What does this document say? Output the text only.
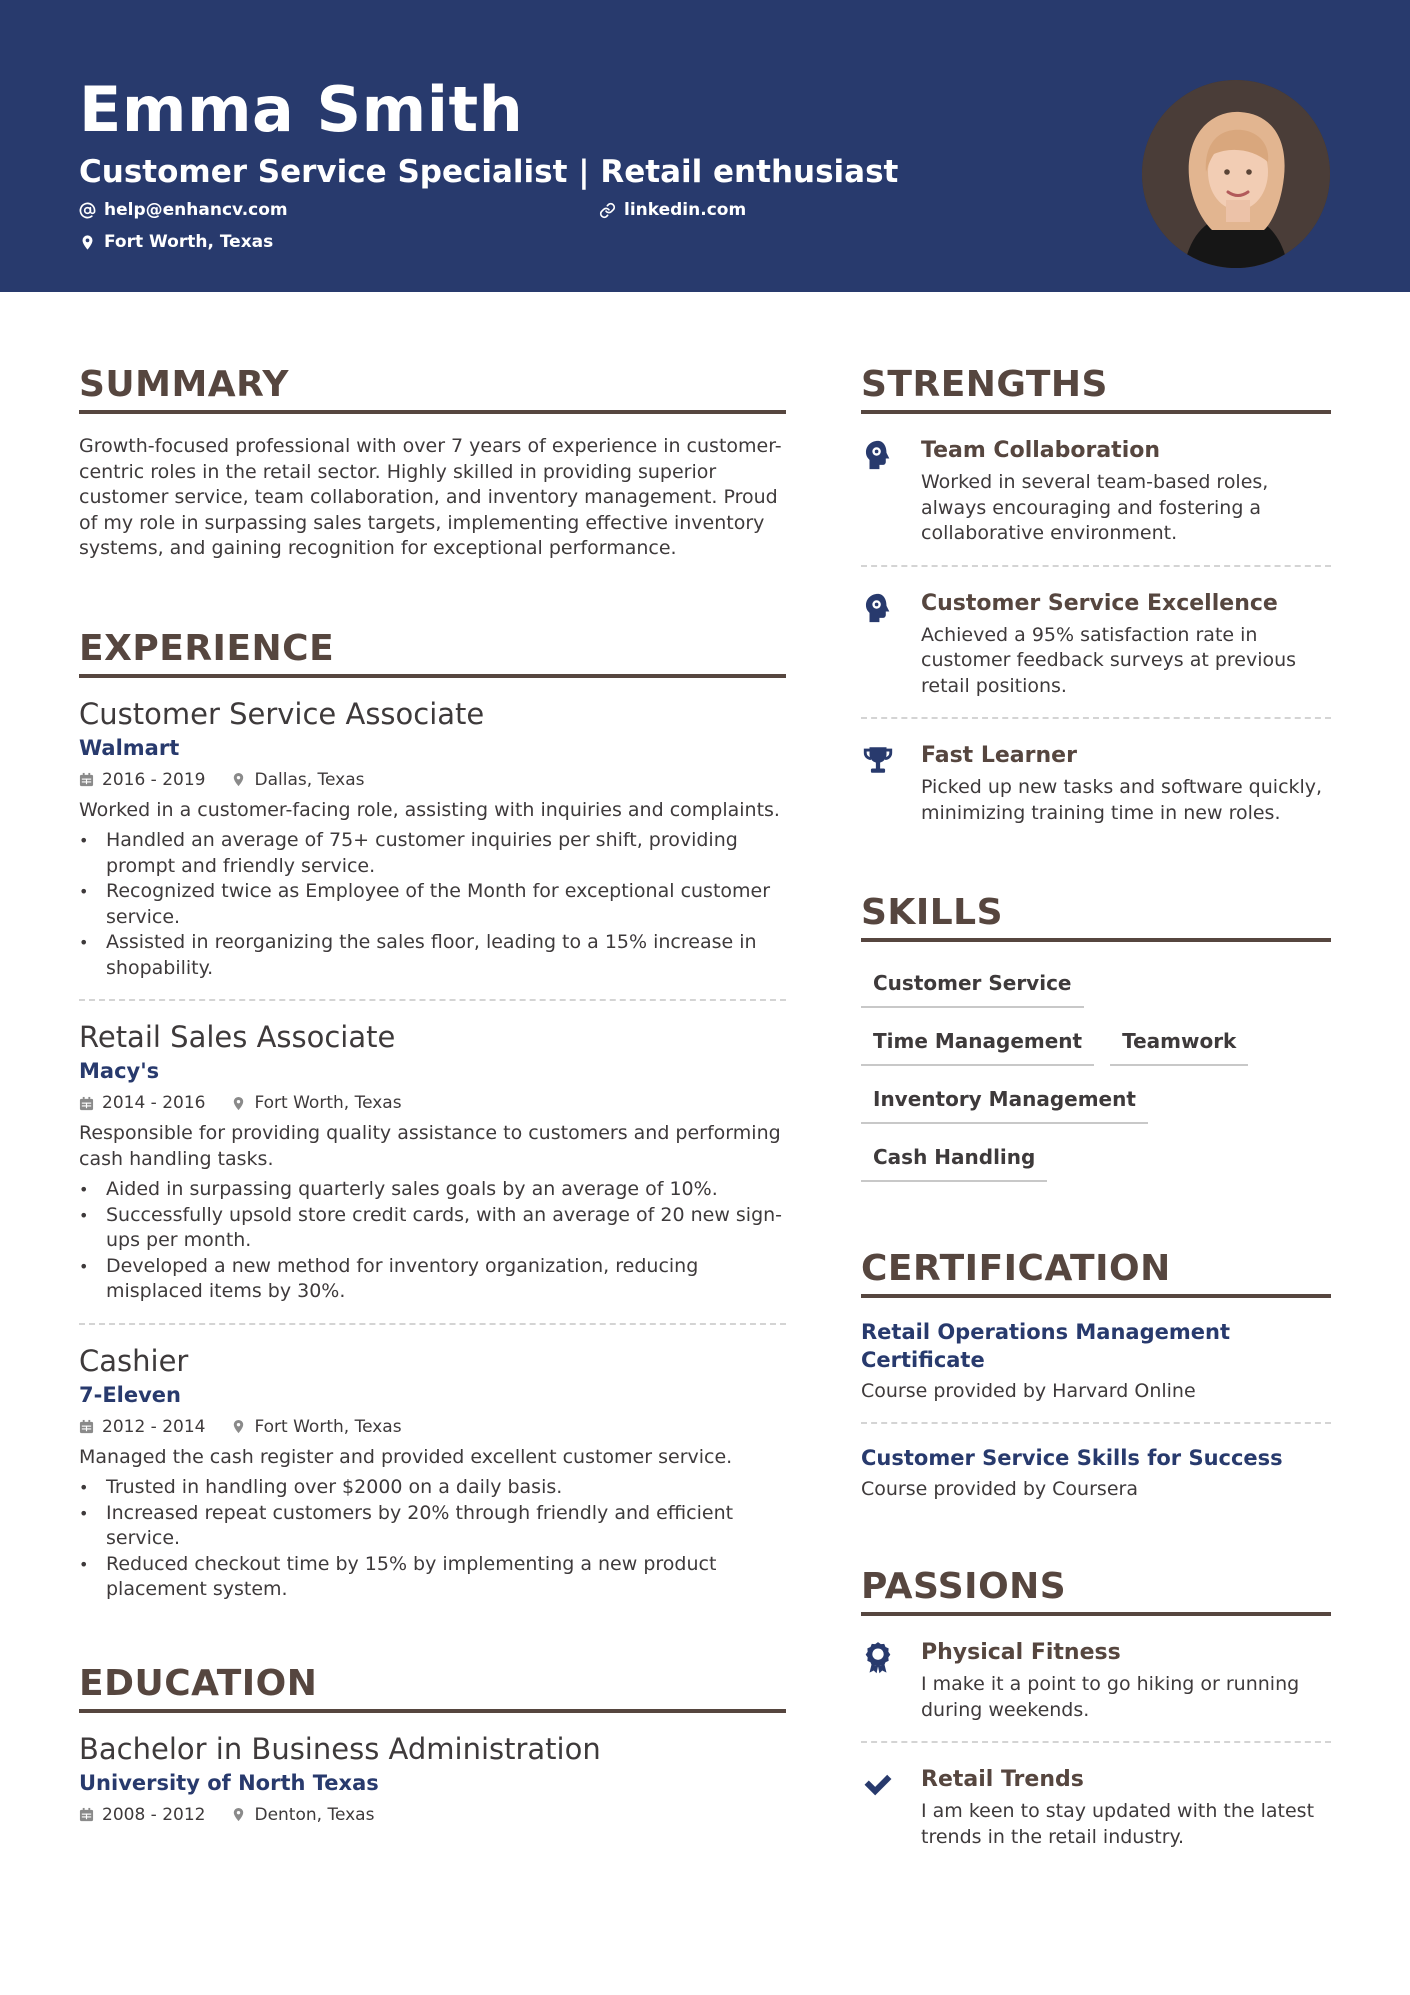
Emma Smith
Customer Service Specialist | Retail enthusiast
help@enhancv.com	linkedin.com
Fort Worth, Texas
SUMMARY
Growth-focused professional with over 7 years of experience in customer-centric roles in the retail sector. Highly skilled in providing superior customer service, team collaboration, and inventory management. Proud of my role in surpassing sales targets, implementing effective inventory systems, and gaining recognition for exceptional performance.
EXPERIENCE
Customer Service Associate
Walmart
2016 - 2019	Dallas, Texas
Worked in a customer-facing role, assisting with inquiries and complaints.
• Handled an average of 75+ customer inquiries per shift, providing prompt and friendly service.
• Recognized twice as Employee of the Month for exceptional customer service.
• Assisted in reorganizing the sales floor, leading to a 15% increase in shopability.
Retail Sales Associate
Macy's
2014 - 2016	Fort Worth, Texas
Responsible for providing quality assistance to customers and performing cash handling tasks.
• Aided in surpassing quarterly sales goals by an average of 10%.
• Successfully upsold store credit cards, with an average of 20 new sign-ups per month.
• Developed a new method for inventory organization, reducing misplaced items by 30%.
Cashier
7-Eleven
2012 - 2014	Fort Worth, Texas
Managed the cash register and provided excellent customer service.
• Trusted in handling over $2000 on a daily basis.
• Increased repeat customers by 20% through friendly and efficient service.
• Reduced checkout time by 15% by implementing a new product placement system.
EDUCATION
Bachelor in Business Administration
University of North Texas
2008 - 2012	Denton, Texas
STRENGTHS
Team Collaboration
Worked in several team-based roles, always encouraging and fostering a collaborative environment.
Customer Service Excellence
Achieved a 95% satisfaction rate in customer feedback surveys at previous retail positions.
Fast Learner
Picked up new tasks and software quickly, minimizing training time in new roles.
SKILLS
Customer Service
Time Management	Teamwork
Inventory Management
Cash Handling
CERTIFICATION
Retail Operations Management Certificate
Course provided by Harvard Online
Customer Service Skills for Success
Course provided by Coursera
PASSIONS
Physical Fitness
I make it a point to go hiking or running during weekends.
Retail Trends
I am keen to stay updated with the latest trends in the retail industry.
